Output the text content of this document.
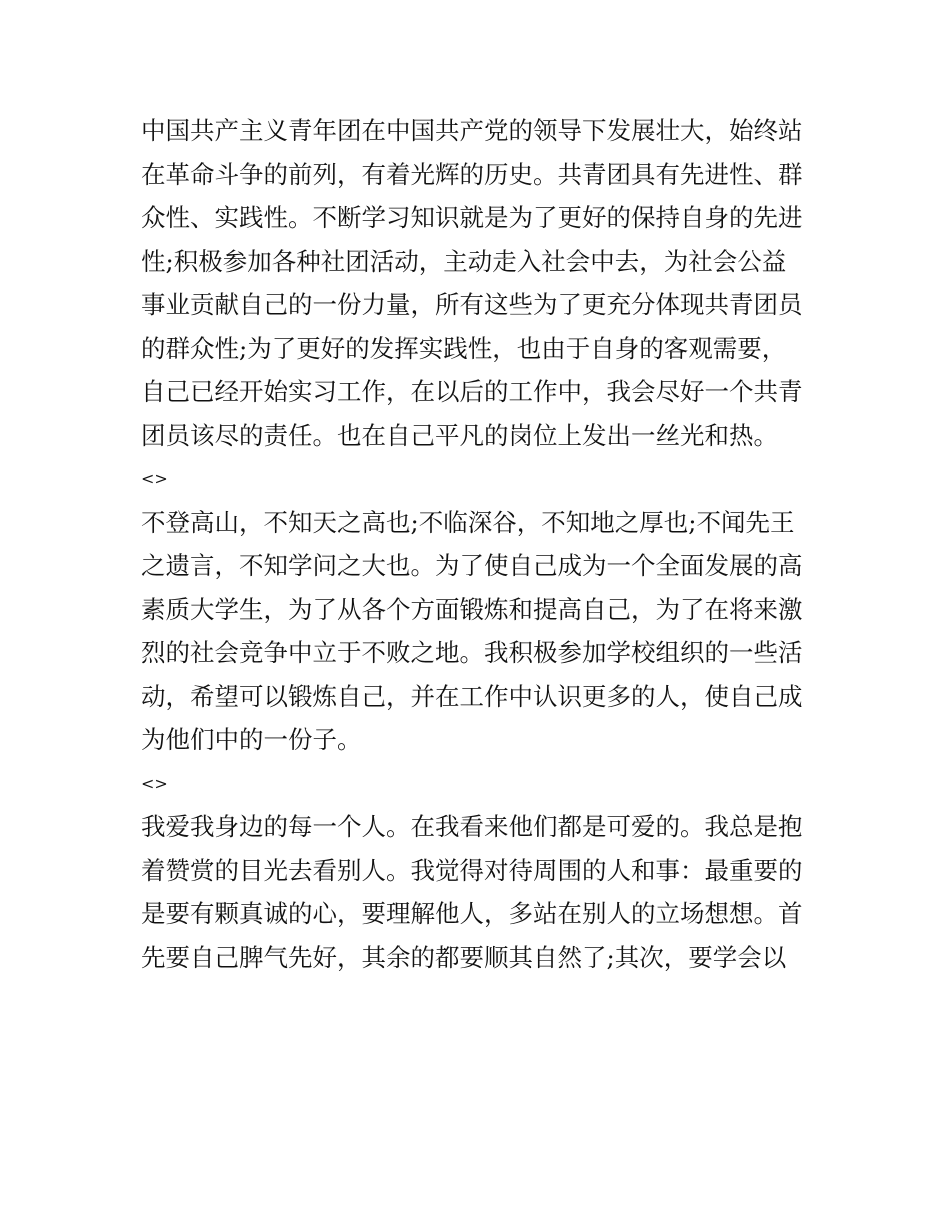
中国共产主义青年团在中国共产党的领导下发展壮大，始终站
在革命斗争的前列，有着光辉的历史。共青团具有先进性、群
众性、实践性。不断学习知识就是为了更好的保持自身的先进
性;积极参加各种社团活动，主动走入社会中去，为社会公益
事业贡献自己的一份力量，所有这些为了更充分体现共青团员
的群众性;为了更好的发挥实践性，也由于自身的客观需要，
自己已经开始实习工作，在以后的工作中，我会尽好一个共青
团员该尽的责任。也在自己平凡的岗位上发出一丝光和热。
<>
不登高山，不知天之高也;不临深谷，不知地之厚也;不闻先王
之遗言，不知学问之大也。为了使自己成为一个全面发展的高
素质大学生，为了从各个方面锻炼和提高自己，为了在将来激
烈的社会竞争中立于不败之地。我积极参加学校组织的一些活
动，希望可以锻炼自己，并在工作中认识更多的人，使自己成
为他们中的一份子。
<>
我爱我身边的每一个人。在我看来他们都是可爱的。我总是抱
着赞赏的目光去看别人。我觉得对待周围的人和事：最重要的
是要有颗真诚的心，要理解他人，多站在别人的立场想想。首
先要自己脾气先好，其余的都要顺其自然了;其次，要学会以
